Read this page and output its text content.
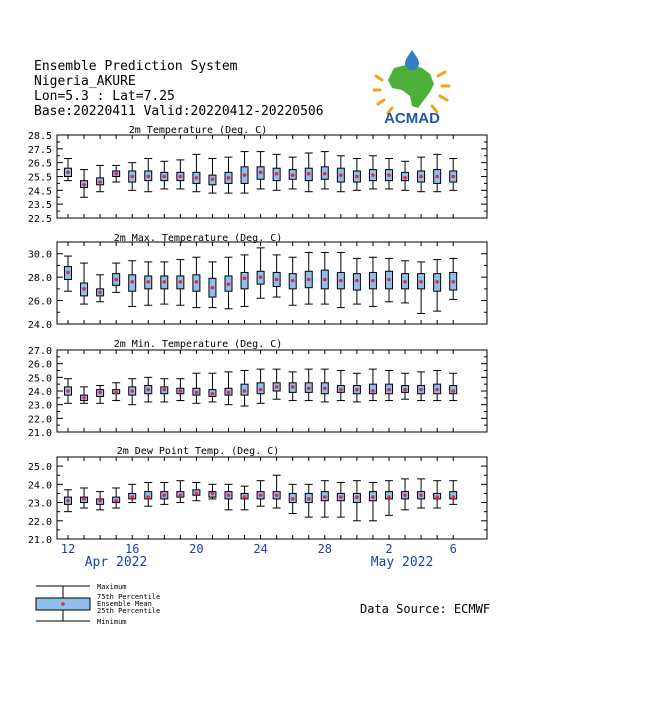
2m Temperature (Deg. C)
22.5
23.5
24.5
25.5
26.5
27.5
28.5
2m Max. Temperature (Deg. C)
24.0
26.0
28.0
30.0
2m Min. Temperature (Deg. C)
21.0
22.0
23.0
24.0
25.0
26.0
27.0
2m Dew Point Temp. (Deg. C)
21.0
22.0
23.0
24.0
25.0
12	16	20	24	28	2	6
Apr 2022	May 2022
Maximum
75th Percentile
Ensemble Mean
25th Percentile
Minimum
Ensemble Prediction System
Nigeria_AKURE
Lon=5.3 : Lat=7.25
Base:20220411 Valid:20220412-20220506	ACMAD
Data Source: ECMWF
